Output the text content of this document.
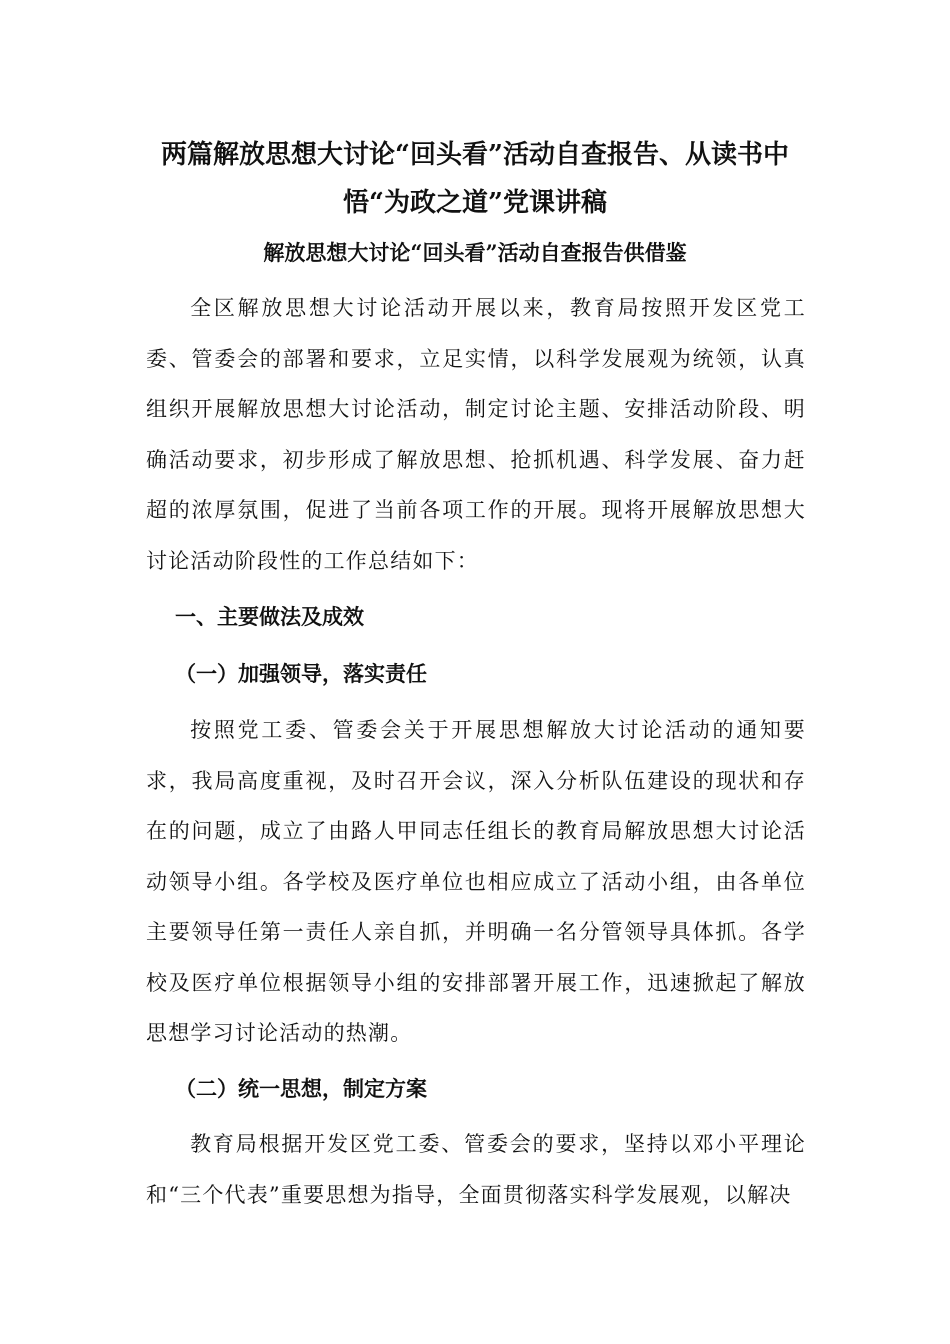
两篇解放思想大讨论“回头看”活动自查报告、从读书中
悟“为政之道”党课讲稿
解放思想大讨论“回头看”活动自查报告供借鉴

全区解放思想大讨论活动开展以来，教育局按照开发区党工委、管委会的部署和要求，立足实情，以科学发展观为统领，认真组织开展解放思想大讨论活动，制定讨论主题、安排活动阶段、明确活动要求，初步形成了解放思想、抢抓机遇、科学发展、奋力赶超的浓厚氛围，促进了当前各项工作的开展。现将开展解放思想大讨论活动阶段性的工作总结如下：

一、主要做法及成效
（一）加强领导，落实责任

按照党工委、管委会关于开展思想解放大讨论活动的通知要求，我局高度重视，及时召开会议，深入分析队伍建设的现状和存在的问题，成立了由路人甲同志任组长的教育局解放思想大讨论活动领导小组。各学校及医疗单位也相应成立了活动小组，由各单位主要领导任第一责任人亲自抓，并明确一名分管领导具体抓。各学校及医疗单位根据领导小组的安排部署开展工作，迅速掀起了解放思想学习讨论活动的热潮。

（二）统一思想，制定方案

教育局根据开发区党工委、管委会的要求，坚持以邓小平理论和“三个代表”重要思想为指导，全面贯彻落实科学发展观，以解决
